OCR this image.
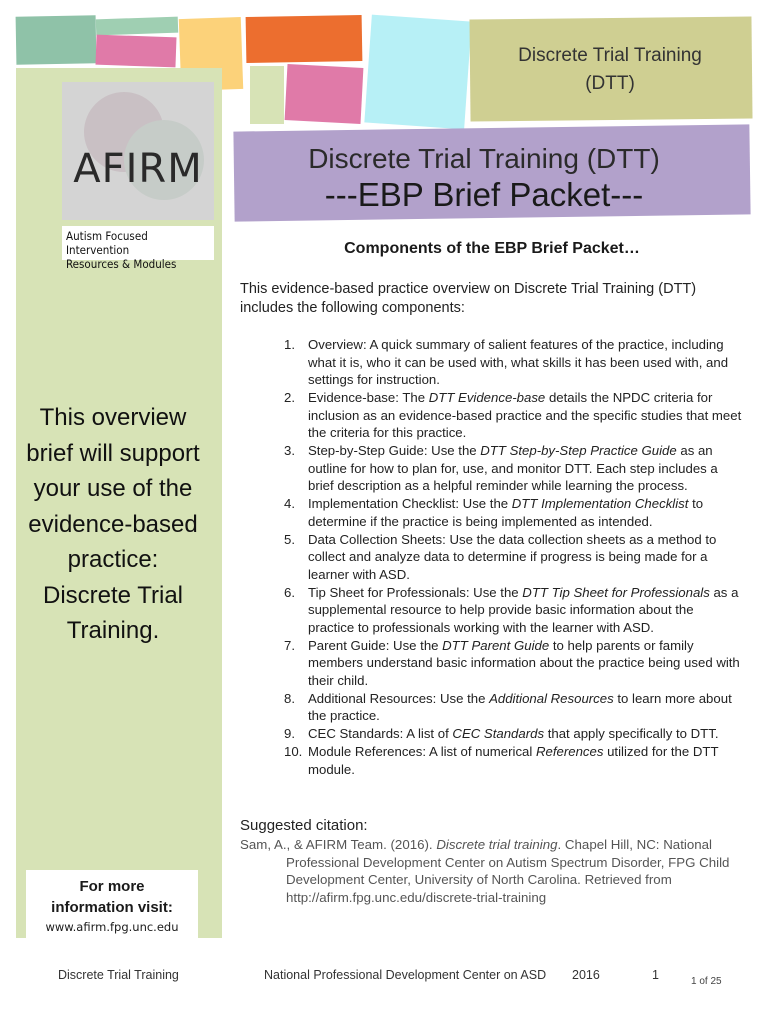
AFIRM
Autism Focused Intervention
Resources & Modules
This overview brief will support your use of the evidence-based practice: Discrete Trial Training.
For more
information visit:
www.afirm.fpg.unc.edu
Discrete Trial Training
(DTT)
Discrete Trial Training (DTT)
---EBP Brief Packet---
Components of the EBP Brief Packet…
This evidence-based practice overview on Discrete Trial Training (DTT) includes the following components:
1. Overview: A quick summary of salient features of the practice, including what it is, who it can be used with, what skills it has been used with, and settings for instruction.
2. Evidence-base: The DTT Evidence-base details the NPDC criteria for inclusion as an evidence-based practice and the specific studies that meet the criteria for this practice.
3. Step-by-Step Guide: Use the DTT Step-by-Step Practice Guide as an outline for how to plan for, use, and monitor DTT. Each step includes a brief description as a helpful reminder while learning the process.
4. Implementation Checklist: Use the DTT Implementation Checklist to determine if the practice is being implemented as intended.
5. Data Collection Sheets: Use the data collection sheets as a method to collect and analyze data to determine if progress is being made for a learner with ASD.
6. Tip Sheet for Professionals: Use the DTT Tip Sheet for Professionals as a supplemental resource to help provide basic information about the practice to professionals working with the learner with ASD.
7. Parent Guide: Use the DTT Parent Guide to help parents or family members understand basic information about the practice being used with their child.
8. Additional Resources: Use the Additional Resources to learn more about the practice.
9. CEC Standards: A list of CEC Standards that apply specifically to DTT.
10. Module References: A list of numerical References utilized for the DTT module.
Suggested citation:
Sam, A., & AFIRM Team. (2016). Discrete trial training. Chapel Hill, NC: National Professional Development Center on Autism Spectrum Disorder, FPG Child Development Center, University of North Carolina. Retrieved from http://afirm.fpg.unc.edu/discrete-trial-training
Discrete Trial Training	National Professional Development Center on ASD 2016	1	1 of 25
